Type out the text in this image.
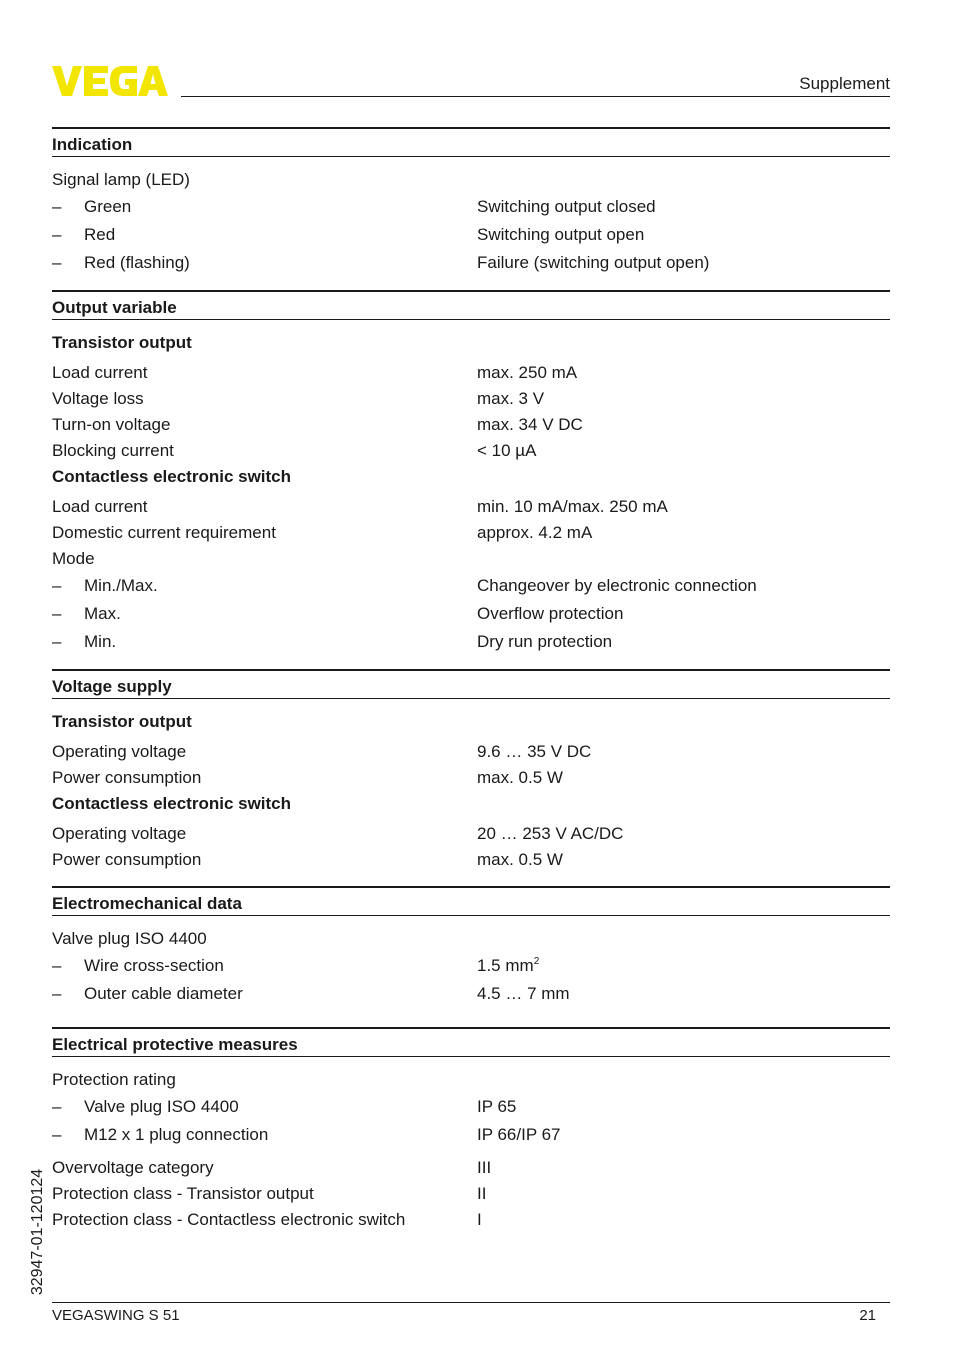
Supplement
Indication
Signal lamp (LED)
– Green	Switching output closed
– Red	Switching output open
– Red (flashing)	Failure (switching output open)
Output variable
Transistor output
Load current	max. 250 mA
Voltage loss	max. 3 V
Turn-on voltage	max. 34 V DC
Blocking current	< 10 µA
Contactless electronic switch
Load current	min. 10 mA/max. 250 mA
Domestic current requirement	approx. 4.2 mA
Mode
– Min./Max.	Changeover by electronic connection
– Max.	Overflow protection
– Min.	Dry run protection
Voltage supply
Transistor output
Operating voltage	9.6 … 35 V DC
Power consumption	max. 0.5 W
Contactless electronic switch
Operating voltage	20 … 253 V AC/DC
Power consumption	max. 0.5 W
Electromechanical data
Valve plug ISO 4400
– Wire cross-section	1.5 $mm^2$
– Outer cable diameter	4.5 … 7 mm
Electrical protective measures
Protection rating
– Valve plug ISO 4400	IP 65
– M12 x 1 plug connection	IP 66/IP 67
Overvoltage category	III
Protection class - Transistor output	II
Protection class - Contactless electronic switch	I
32947-01-120124
VEGASWING S 51	21
